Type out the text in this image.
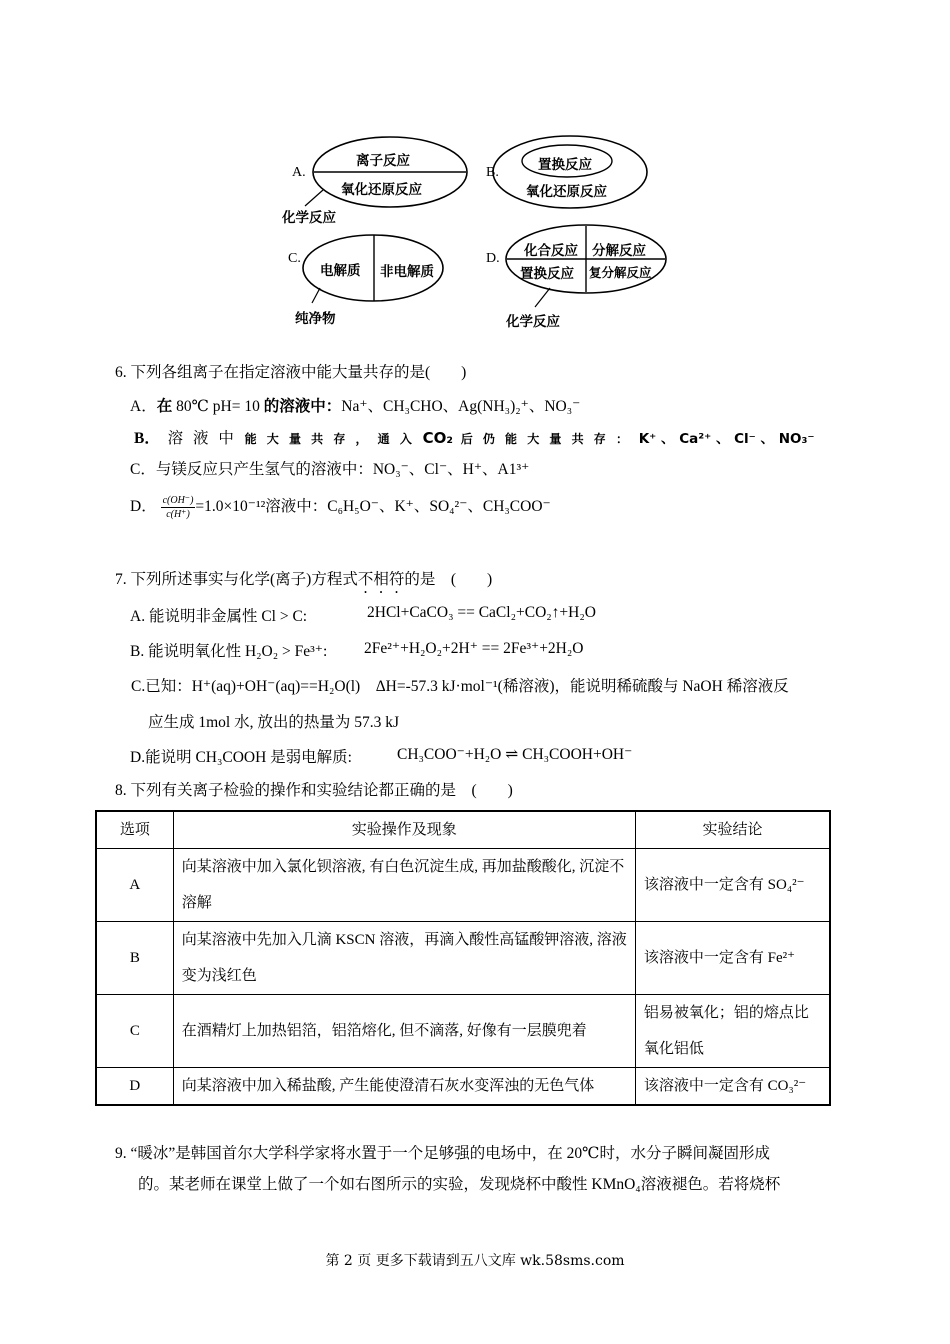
A.
离子反应
氧化还原反应
化学反应
B.	置换反应
氧化还原反应
C.
电解质 非电解质
纯净物
D. 化合反应 分解反应
置换反应 复分解反应
化学反应
6. 下列各组离子在指定溶液中能大量共存的是(　　)
A．在 80℃ pH= 10 的溶液中：Na⁺、CH₃CHO、Ag(NH₃)₂⁺、NO₃⁻
B． 溶 液 中 能 大 量 共 存 ， 通 入 CO₂ 后 仍 能 大 量 共 存 ： K⁺ 、 Ca²⁺ 、 Cl⁻ 、 NO₃⁻
C．与镁反应只产生氢气的溶液中：NO₃⁻、Cl⁻、H⁺、A1³⁺
D． $\frac{c(OH^-)}{c(H^+)} =1.0\times 10^{-12}$溶液中：C₆H₅O⁻、K⁺、SO₄²⁻、CH₃COO⁻
7. 下列所述事实与化学(离子)方程式不相符的是　(　　)
A. 能说明非金属性 Cl > C:	2HCl+CaCO₃ == CaCl₂+CO₂↑+H₂O
B. 能说明氧化性 H₂O₂ > Fe³⁺: 2Fe²⁺+H₂O₂+2H⁺ == 2Fe³⁺+2H₂O
C.已知：H⁺(aq)+OH⁻(aq)==H₂O(l)　ΔH=-57.3 kJ·mol⁻¹(稀溶液)，能说明稀硫酸与 NaOH 稀溶液反
应生成 1mol 水, 放出的热量为 57.3 kJ
D.能说明 CH₃COOH 是弱电解质:	CH₃COO⁻+H₂O ⇌ CH₃COOH+OH⁻
8. 下列有关离子检验的操作和实验结论都正确的是　(　　)
选项	实验操作及现象	实验结论
A	向某溶液中加入氯化钡溶液, 有白色沉淀生成, 再加盐酸酸化, 沉淀不溶解	该溶液中一定含有 SO₄²⁻
B	向某溶液中先加入几滴 KSCN 溶液，再滴入酸性高锰酸钾溶液, 溶液变为浅红色	该溶液中一定含有 Fe²⁺
C	在酒精灯上加热铝箔，铝箔熔化, 但不滴落, 好像有一层膜兜着	铝易被氧化；铝的熔点比氧化铝低
D	向某溶液中加入稀盐酸, 产生能使澄清石灰水变浑浊的无色气体	该溶液中一定含有 CO₃²⁻
9. “暖冰”是韩国首尔大学科学家将水置于一个足够强的电场中，在 20℃时，水分子瞬间凝固形成
的。某老师在课堂上做了一个如右图所示的实验，发现烧杯中酸性 KMnO₄溶液褪色。若将烧杯
第 2 页 更多下载请到五八文库 wk.58sms.com
